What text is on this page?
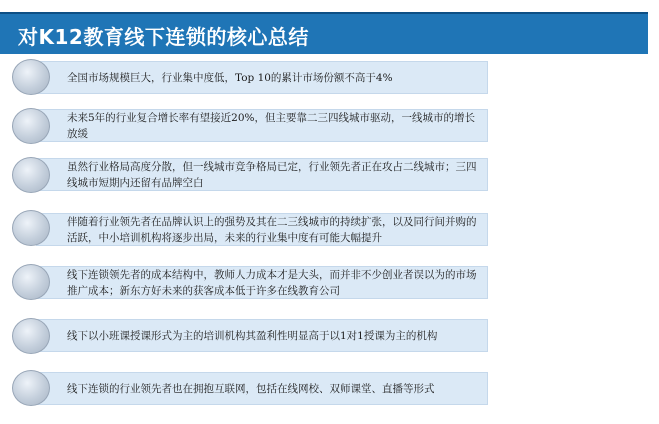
对K12教育线下连锁的核心总结
全国市场规模巨大，行业集中度低，Top 10的累计市场份额不高于4%
未来5年的行业复合增长率有望接近20%，但主要靠二三四线城市驱动，一线城市的增长放缓
虽然行业格局高度分散，但一线城市竞争格局已定，行业领先者正在攻占二线城市；三四线城市短期内还留有品牌空白
伴随着行业领先者在品牌认识上的强势及其在二三线城市的持续扩张，以及同行间并购的活跃，中小培训机构将逐步出局，未来的行业集中度有可能大幅提升
线下连锁领先者的成本结构中，教师人力成本才是大头，而并非不少创业者误以为的市场推广成本；新东方好未来的获客成本低于许多在线教育公司
线下以小班课授课形式为主的培训机构其盈利性明显高于以1对1授课为主的机构
线下连锁的行业领先者也在拥抱互联网，包括在线网校、双师课堂、直播等形式
